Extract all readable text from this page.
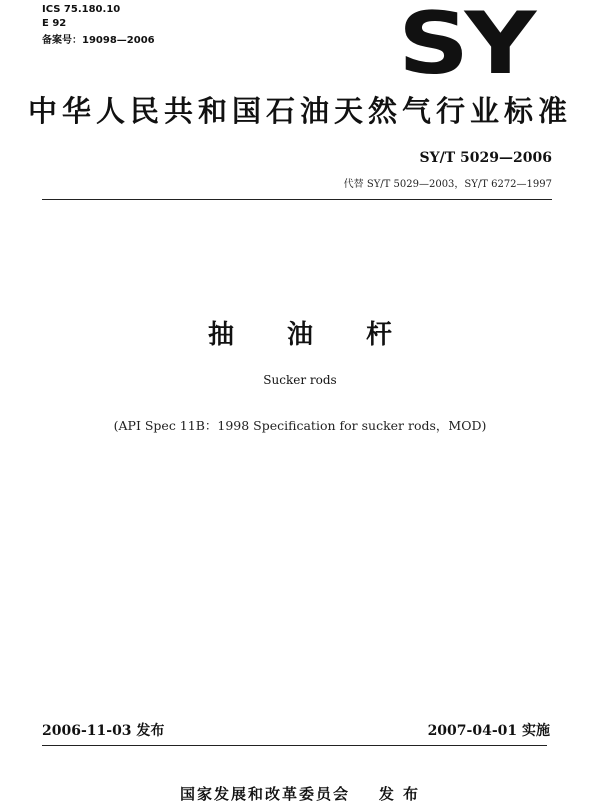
ICS 75.180.10
E 92
备案号：19098—2006	SY
中华人民共和国石油天然气行业标准
SY/T 5029—2006
代替 SY/T 5029—2003，SY/T 6272—1997
抽 油 杆
Sucker rods
(API Spec 11B：1998 Specification for sucker rods，MOD)
2006-11-03 发布	2007-04-01 实施
国家发展和改革委员会    发 布
